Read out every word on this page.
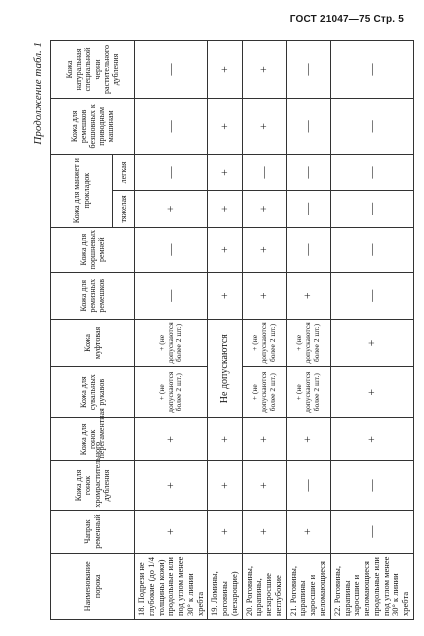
ГОСТ 21047—75 Стр. 5
Продолжение табл. 1
Наименование порока	Чапрак ременный	Кожа для гонок хромрастительного дубления	Кожа для гонок перегаментная	Кожа для сувальных рукавов	Кожа муфтовая	Кожа для ремизных ремешков	Кожа для поршневых ремней	Кожа для манжет и прокладок		Кожа для ремешков безшовных к приводным машинам	Кожа натуральная специальной черни растительного дубления
								тяжелая	легкая		
18. Подрези не глубокие (до 1/4 толщины кожи) продольные или под углом менее 30° к линии хребта	+	+	+	+ (не допускаются более 2 шт.)	+ (не допускаются более 2 шт.)	—	—	+	—	—	—
19. Ломины, роговины (незарощие)	+	+	+	Не допускаются		+	+	+	+	+	+
20. Роговины, царапины, незаросшие неглубокие	+	+	+	+ (не допускаются более 2 шт.)	+ (не допускаются более 2 шт.)	+	+	+	—	+	+
21. Роговины, царапины заросшие и неломающиеся	+	—	+	+ (не допускаются более 2 шт.)	+ (не допускаются более 2 шт.)	+	—	—	—	—	—
22. Роговины, царапины заросшие и неломающиеся продольные или под углом менее 30° к линии хребта	—	—	+	+	+	—	—	—	—	—	—
